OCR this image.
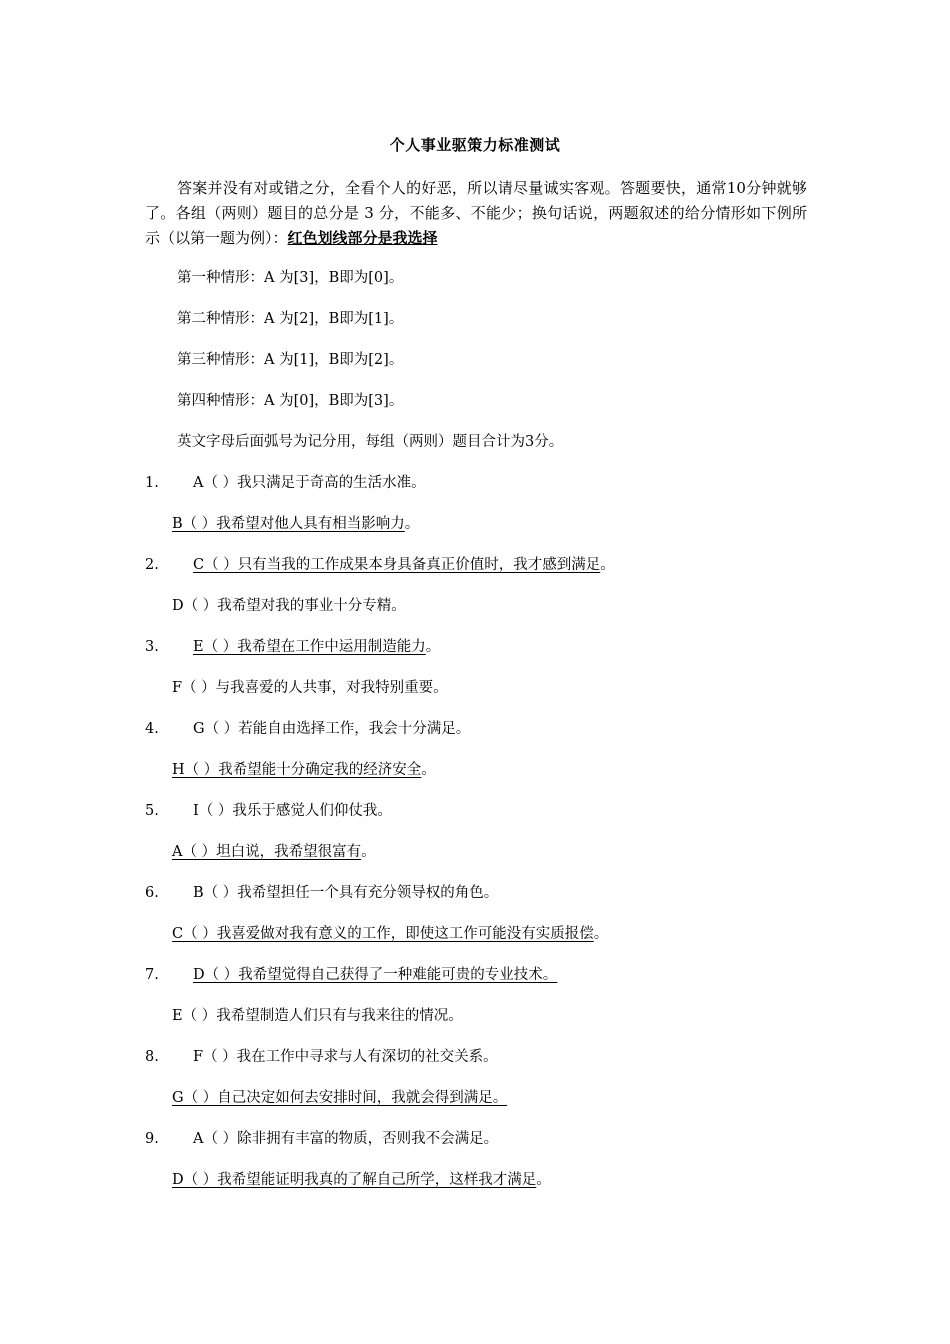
个人事业驱策力标准测试
答案并没有对或错之分，全看个人的好恶，所以请尽量诚实客观。答题要快，通常10分钟就够了。各组（两则）题目的总分是 3 分，不能多、不能少；换句话说，两题叙述的给分情形如下例所示（以第一题为例）：红色划线部分是我选择
第一种情形：A 为[3]，B即为[0]。
第二种情形：A 为[2]，B即为[1]。
第三种情形：A 为[1]，B即为[2]。
第四种情形：A 为[0]，B即为[3]。
英文字母后面弧号为记分用，每组（两则）题目合计为3分。
1. A（ ）我只满足于奇高的生活水准。
B（ ）我希望对他人具有相当影响力。
2. C（ ）只有当我的工作成果本身具备真正价值时，我才感到满足。
D（ ）我希望对我的事业十分专精。
3. E（ ）我希望在工作中运用制造能力。
F（ ）与我喜爱的人共事，对我特别重要。
4. G（ ）若能自由选择工作，我会十分满足。
H（ ）我希望能十分确定我的经济安全。
5. I（ ）我乐于感觉人们仰仗我。
A（ ）坦白说，我希望很富有。
6. B（ ）我希望担任一个具有充分领导权的角色。
C（ ）我喜爱做对我有意义的工作，即使这工作可能没有实质报偿。
7. D（ ）我希望觉得自己获得了一种难能可贵的专业技术。
E（ ）我希望制造人们只有与我来往的情况。
8. F（ ）我在工作中寻求与人有深切的社交关系。
G（ ）自己决定如何去安排时间，我就会得到满足。
9. A（ ）除非拥有丰富的物质，否则我不会满足。
D（ ）我希望能证明我真的了解自己所学，这样我才满足。
